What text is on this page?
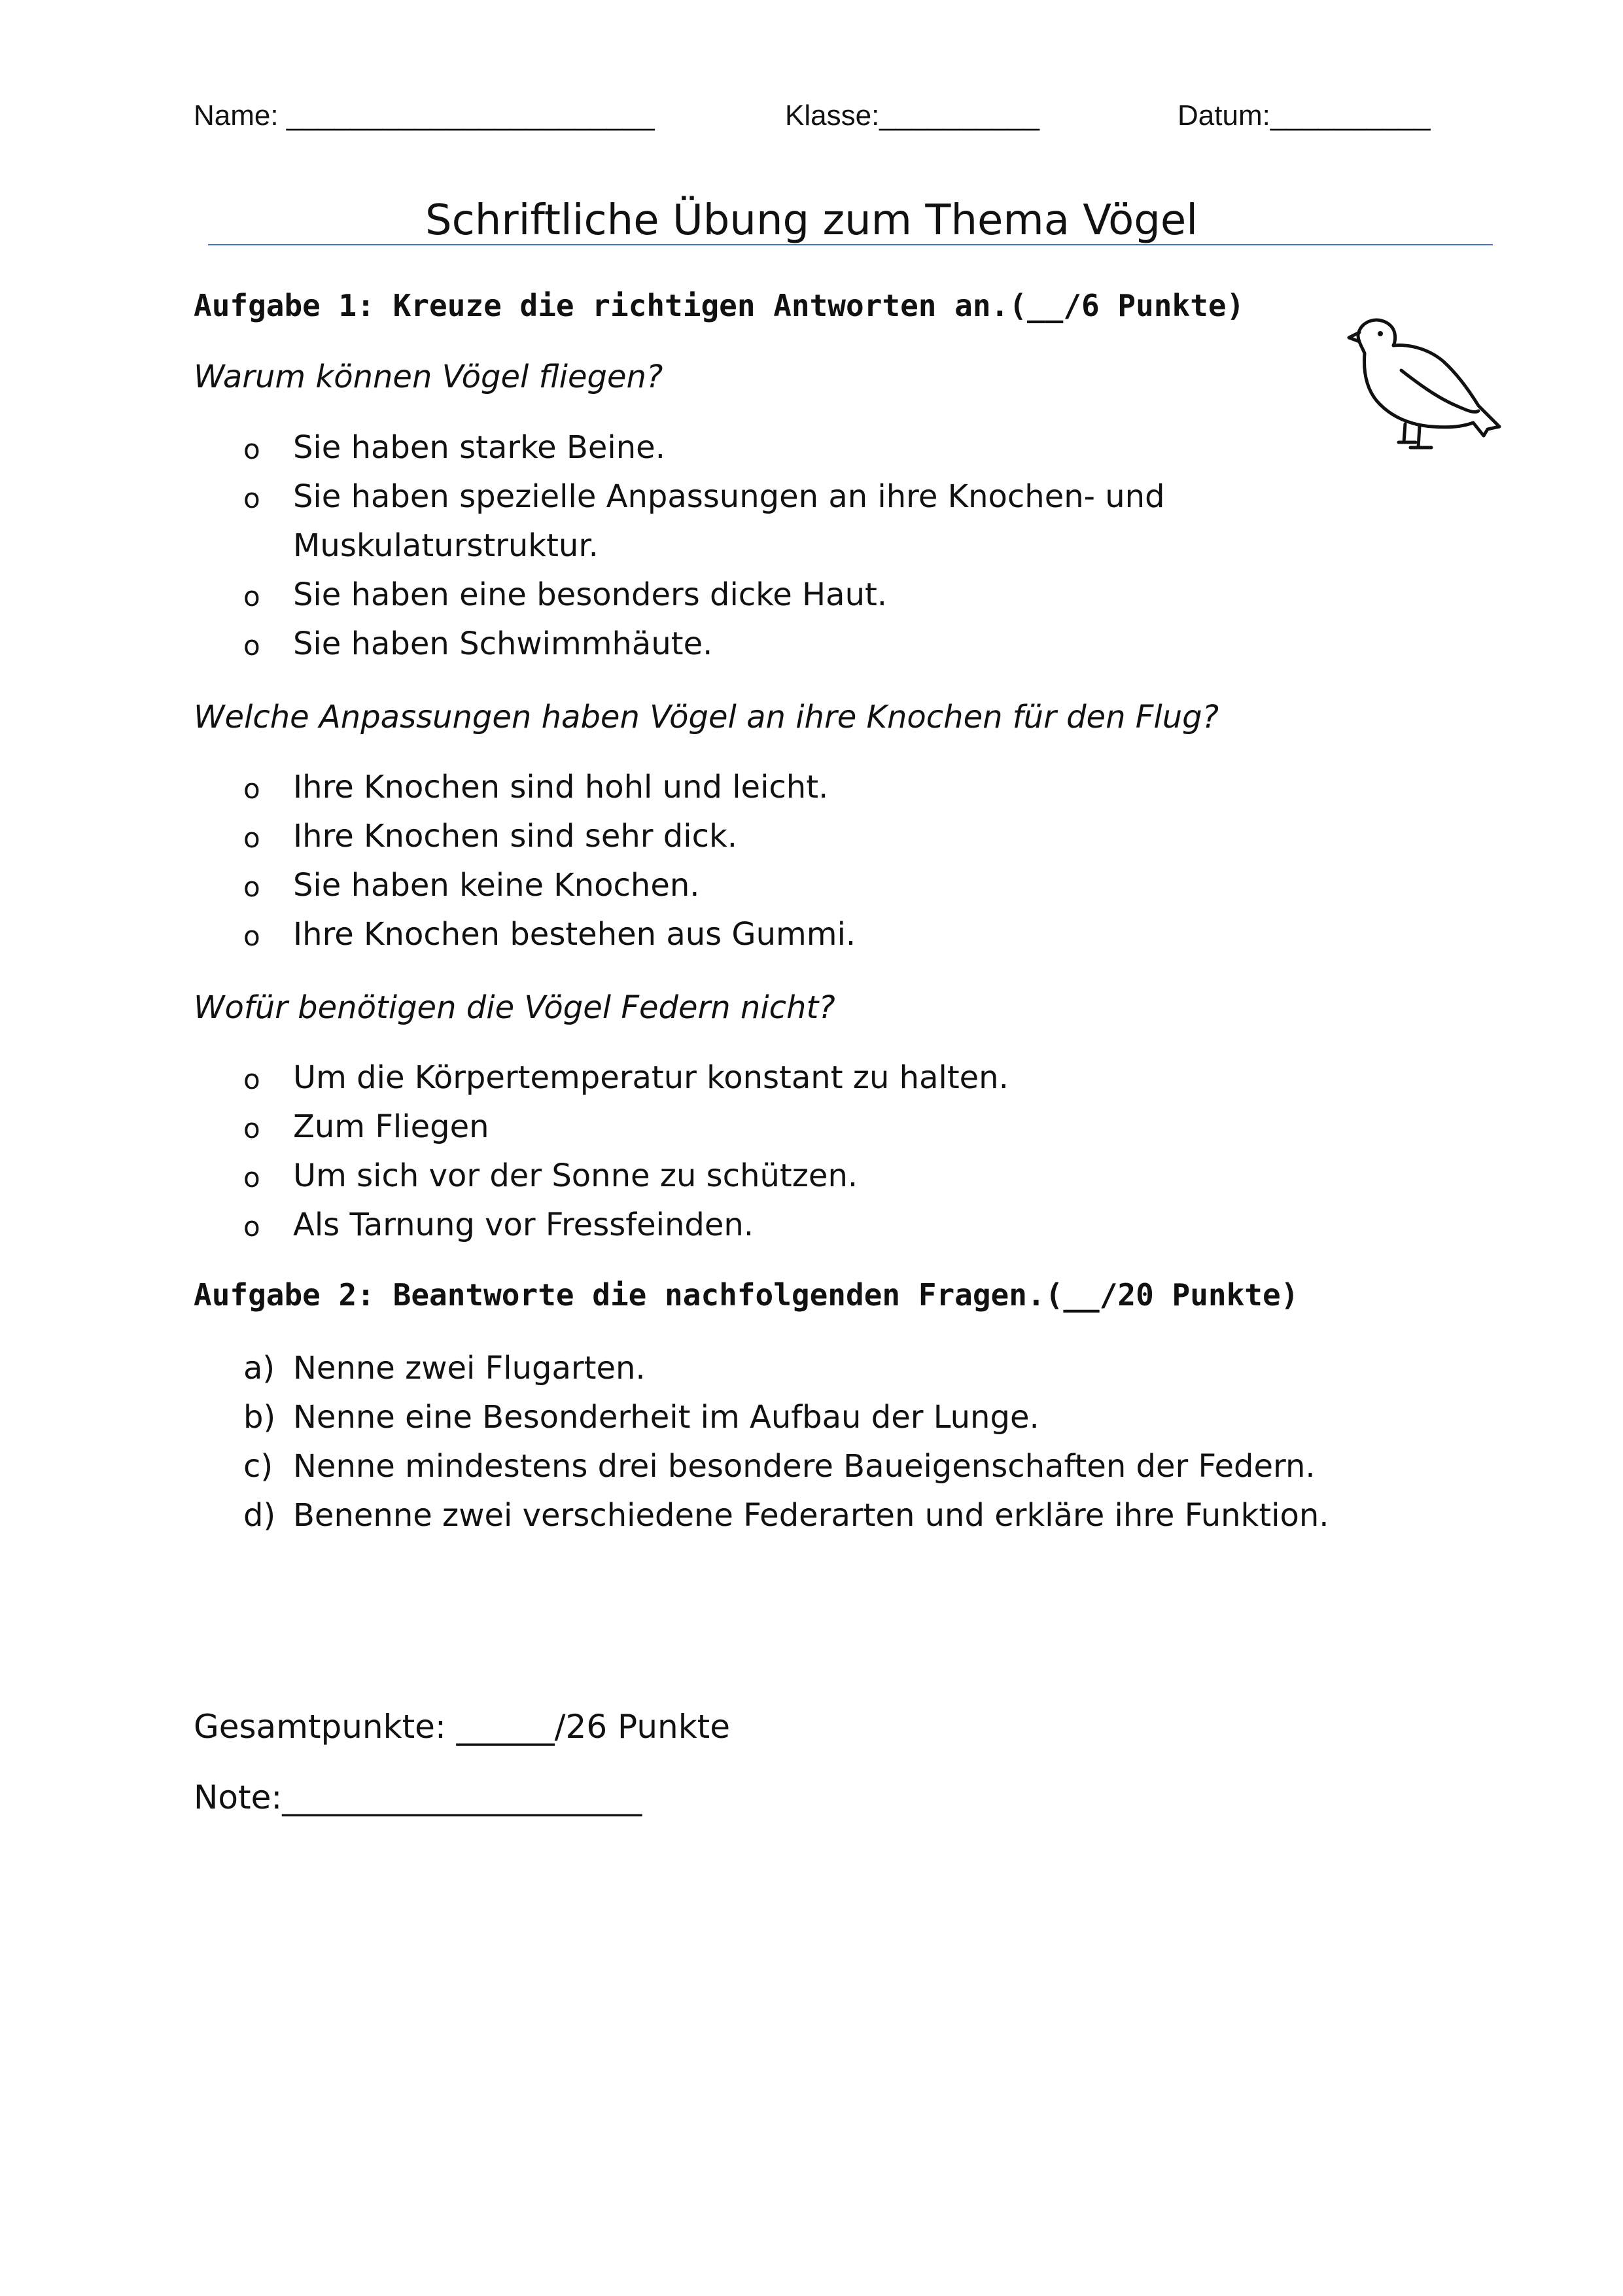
Name: _______________________	Klasse:__________	Datum:__________
Schriftliche Übung zum Thema Vögel
Aufgabe 1: Kreuze die richtigen Antworten an.(__/6 Punkte)
Warum können Vögel fliegen?
o Sie haben starke Beine.
o Sie haben spezielle Anpassungen an ihre Knochen- und
Muskulaturstruktur.
o Sie haben eine besonders dicke Haut.
o Sie haben Schwimmhäute.
Welche Anpassungen haben Vögel an ihre Knochen für den Flug?
o Ihre Knochen sind hohl und leicht.
o Ihre Knochen sind sehr dick.
o Sie haben keine Knochen.
o Ihre Knochen bestehen aus Gummi.
Wofür benötigen die Vögel Federn nicht?
o Um die Körpertemperatur konstant zu halten.
o Zum Fliegen
o Um sich vor der Sonne zu schützen.
o Als Tarnung vor Fressfeinden.
Aufgabe 2: Beantworte die nachfolgenden Fragen.(__/20 Punkte)
a) Nenne zwei Flugarten.
b) Nenne eine Besonderheit im Aufbau der Lunge.
c) Nenne mindestens drei besondere Baueigenschaften der Federn.
d) Benenne zwei verschiedene Federarten und erkläre ihre Funktion.
Gesamtpunkte: ______/26 Punkte
Note:______________________
